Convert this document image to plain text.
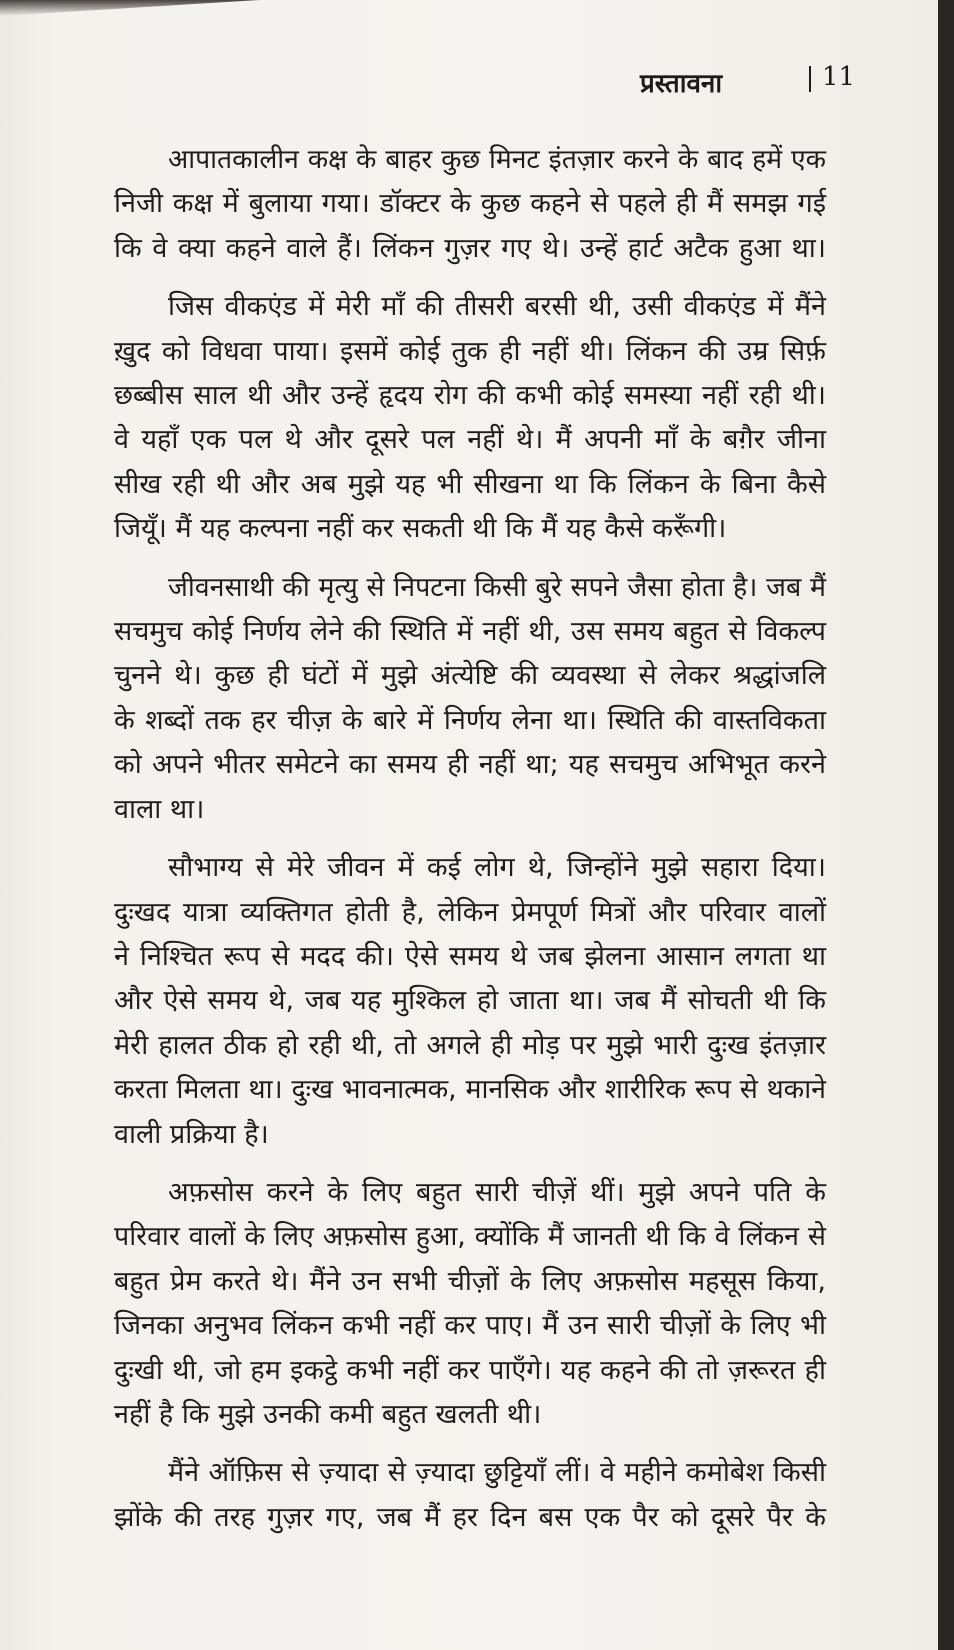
प्रस्तावना	11

आपातकालीन कक्ष के बाहर कुछ मिनट इंतज़ार करने के बाद हमें एक
निजी कक्ष में बुलाया गया। डॉक्टर के कुछ कहने से पहले ही मैं समझ गई
कि वे क्या कहने वाले हैं। लिंकन गुज़र गए थे। उन्हें हार्ट अटैक हुआ था।

जिस वीकएंड में मेरी माँ की तीसरी बरसी थी, उसी वीकएंड में मैंने
ख़ुद को विधवा पाया। इसमें कोई तुक ही नहीं थी। लिंकन की उम्र सिर्फ़
छब्बीस साल थी और उन्हें हृदय रोग की कभी कोई समस्या नहीं रही थी।
वे यहाँ एक पल थे और दूसरे पल नहीं थे। मैं अपनी माँ के बग़ैर जीना
सीख रही थी और अब मुझे यह भी सीखना था कि लिंकन के बिना कैसे
जियूँ। मैं यह कल्पना नहीं कर सकती थी कि मैं यह कैसे करूँगी।

जीवनसाथी की मृत्यु से निपटना किसी बुरे सपने जैसा होता है। जब मैं
सचमुच कोई निर्णय लेने की स्थिति में नहीं थी, उस समय बहुत से विकल्प
चुनने थे। कुछ ही घंटों में मुझे अंत्येष्टि की व्यवस्था से लेकर श्रद्धांजलि
के शब्दों तक हर चीज़ के बारे में निर्णय लेना था। स्थिति की वास्तविकता
को अपने भीतर समेटने का समय ही नहीं था; यह सचमुच अभिभूत करने
वाला था।

सौभाग्य से मेरे जीवन में कई लोग थे, जिन्होंने मुझे सहारा दिया।
दुःखद यात्रा व्यक्तिगत होती है, लेकिन प्रेमपूर्ण मित्रों और परिवार वालों
ने निश्चित रूप से मदद की। ऐसे समय थे जब झेलना आसान लगता था
और ऐसे समय थे, जब यह मुश्किल हो जाता था। जब मैं सोचती थी कि
मेरी हालत ठीक हो रही थी, तो अगले ही मोड़ पर मुझे भारी दुःख इंतज़ार
करता मिलता था। दुःख भावनात्मक, मानसिक और शारीरिक रूप से थकाने
वाली प्रक्रिया है।

अफ़सोस करने के लिए बहुत सारी चीज़ें थीं। मुझे अपने पति के
परिवार वालों के लिए अफ़सोस हुआ, क्योंकि मैं जानती थी कि वे लिंकन से
बहुत प्रेम करते थे। मैंने उन सभी चीज़ों के लिए अफ़सोस महसूस किया,
जिनका अनुभव लिंकन कभी नहीं कर पाए। मैं उन सारी चीज़ों के लिए भी
दुःखी थी, जो हम इकट्ठे कभी नहीं कर पाएँगे। यह कहने की तो ज़रूरत ही
नहीं है कि मुझे उनकी कमी बहुत खलती थी।

मैंने ऑफ़िस से ज़्यादा से ज़्यादा छुट्टियाँ लीं। वे महीने कमोबेश किसी
झोंके की तरह गुज़र गए, जब मैं हर दिन बस एक पैर को दूसरे पैर के
